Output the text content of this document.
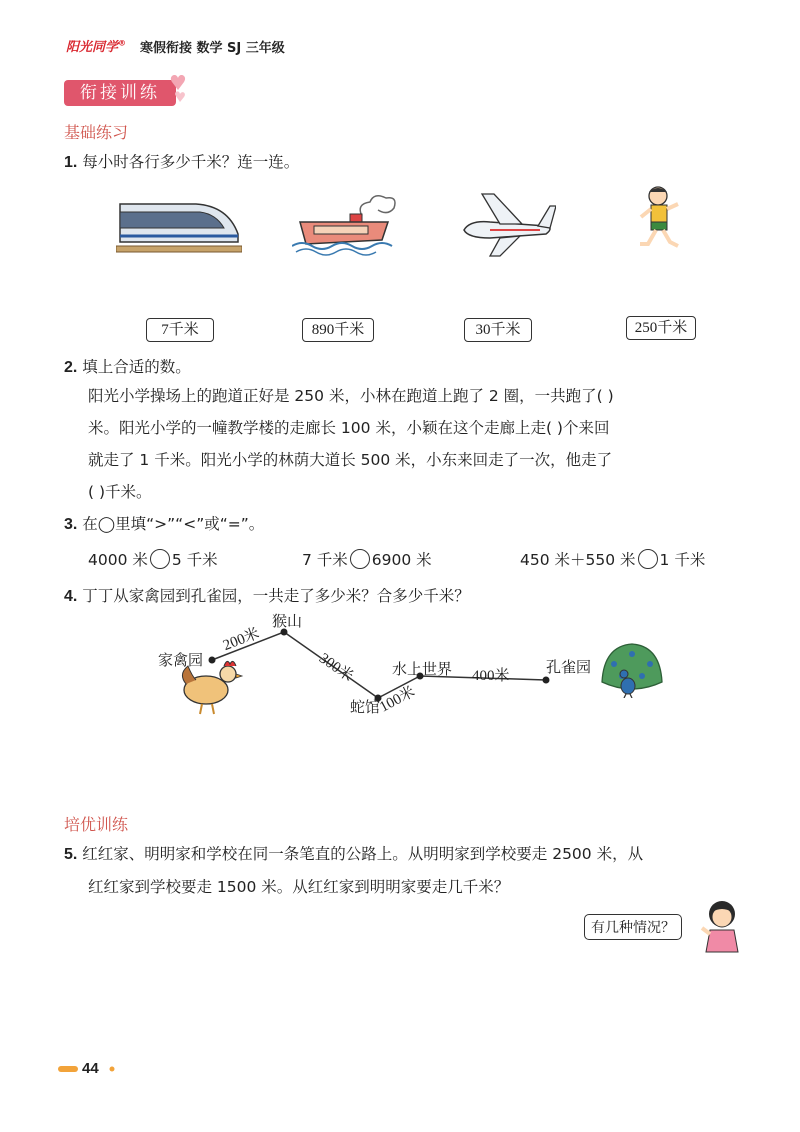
阳光同学® 寒假衔接 数学 SJ 三年级
衔接训练
基础练习
1. 每小时各行多少千米？连一连。
7千米	890千米	30千米	250千米
2. 填上合适的数。
阳光小学操场上的跑道正好是 250 米，小林在跑道上跑了 2 圈，一共跑了( )
米。阳光小学的一幢教学楼的走廊长 100 米，小颖在这个走廊上走( )个来回
就走了 1 千米。阳光小学的林荫大道长 500 米，小东来回走了一次，他走了
( )千米。
3. 在◯里填“>”“<”或“=”。
4000 米 5 千米	7 千米 6900 米	450 米＋550 米 1 千米
4. 丁丁从家禽园到孔雀园，一共走了多少米？合多少千米？
家禽园
猴山
蛇馆
水上世界	孔雀园
200米
300米
100米
400米
培优训练
5. 红红家、明明家和学校在同一条笔直的公路上。从明明家到学校要走 2500 米，从
红红家到学校要走 1500 米。从红红家到明明家要走几千米？
有几种情况？
44
